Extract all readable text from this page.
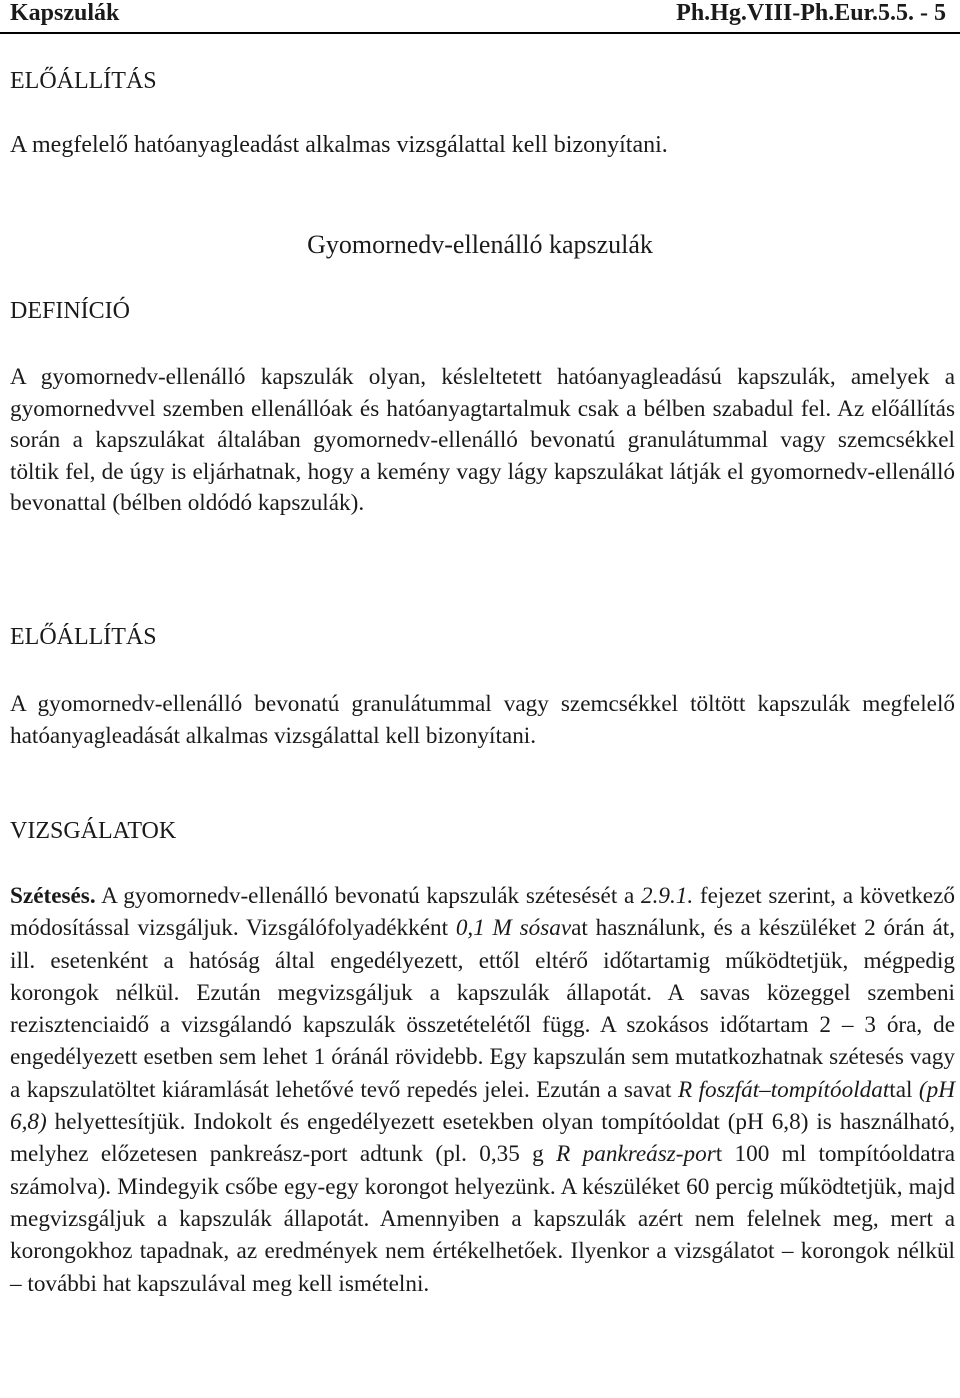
Kapszulák	Ph.Hg.VIII-Ph.Eur.5.5. - 5
ELŐÁLLÍTÁS
A megfelelő hatóanyagleadást alkalmas vizsgálattal kell bizonyítani.
Gyomornedv-ellenálló kapszulák
DEFINÍCIÓ
A gyomornedv-ellenálló kapszulák olyan, késleltetett hatóanyagleadású kapszulák, amelyek a gyomornedvvel szemben ellenállóak és hatóanyagtartalmuk csak a bélben szabadul fel. Az előállítás során a kapszulákat általában gyomornedv-ellenálló bevonatú granulátummal vagy szemcsékkel töltik fel, de úgy is eljárhatnak, hogy a kemény vagy lágy kapszulákat látják el gyomornedv-ellenálló bevonattal (bélben oldódó kapszulák).
ELŐÁLLÍTÁS
A gyomornedv-ellenálló bevonatú granulátummal vagy szemcsékkel töltött kapszulák megfelelő hatóanyagleadását alkalmas vizsgálattal kell bizonyítani.
VIZSGÁLATOK
Szétesés. A gyomornedv-ellenálló bevonatú kapszulák szétesését a 2.9.1. fejezet szerint, a következő módosítással vizsgáljuk. Vizsgálófolyadékként 0,1 M sósavat használunk, és a készüléket 2 órán át, ill. esetenként a hatóság által engedélyezett, ettől eltérő időtartamig működtetjük, mégpedig korongok nélkül. Ezután megvizsgáljuk a kapszulák állapotát. A savas közeggel szembeni rezisztenciaidő a vizsgálandó kapszulák összetételétől függ. A szokásos időtartam 2 – 3 óra, de engedélyezett esetben sem lehet 1 óránál rövidebb. Egy kapszulán sem mutatkozhatnak szétesés vagy a kapszulatöltet kiáramlását lehetővé tevő repedés jelei. Ezután a savat R foszfát–tompítóoldattal (pH 6,8) helyettesítjük. Indokolt és engedélyezett esetekben olyan tompítóoldat (pH 6,8) is használható, melyhez előzetesen pankreász-port adtunk (pl. 0,35 g R pankreász-port 100 ml tompítóoldatra számolva). Mindegyik csőbe egy-egy korongot helyezünk. A készüléket 60 percig működtetjük, majd megvizsgáljuk a kapszulák állapotát. Amennyiben a kapszulák azért nem felelnek meg, mert a korongokhoz tapadnak, az eredmények nem értékelhetőek. Ilyenkor a vizsgálatot – korongok nélkül – további hat kapszulával meg kell ismételni.
